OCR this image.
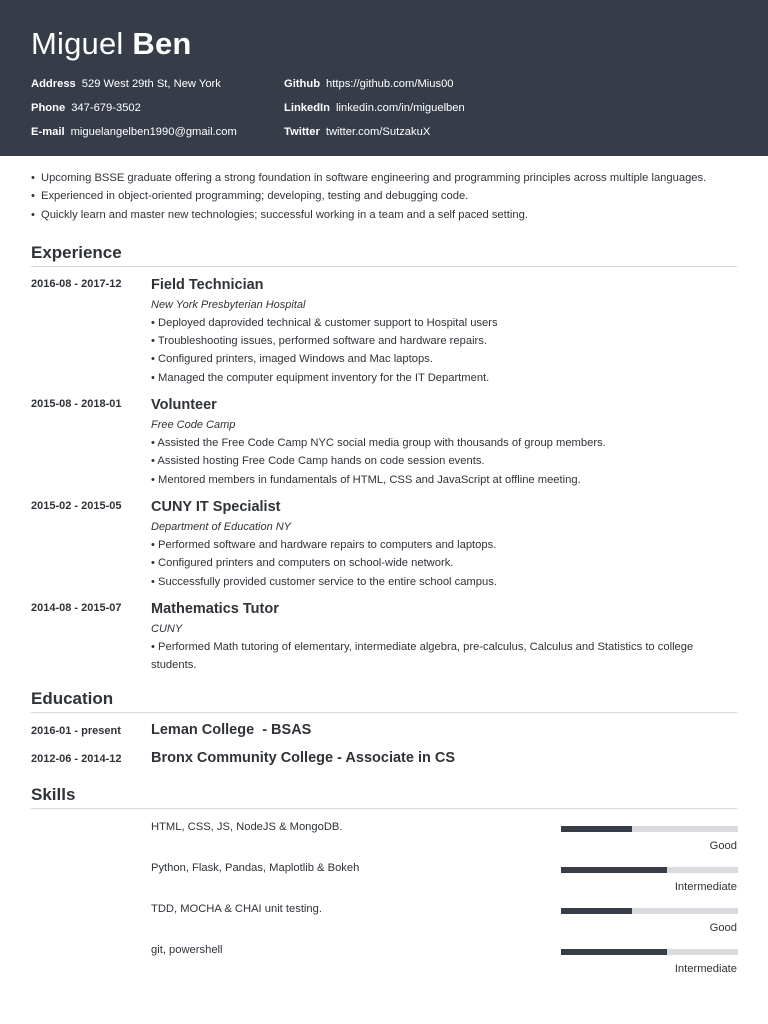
Miguel Ben
Address 529 West 29th St, New York	Github https://github.com/Mius00
Phone 347-679-3502	LinkedIn linkedin.com/in/miguelben
E-mail miguelangelben1990@gmail.com	Twitter twitter.com/SutzakuX
• Upcoming BSSE graduate offering a strong foundation in software engineering and programming principles across multiple languages.
• Experienced in object-oriented programming; developing, testing and debugging code.
• Quickly learn and master new technologies; successful working in a team and a self paced setting.
Experience
2016-08 - 2017-12	Field Technician
New York Presbyterian Hospital
• Deployed daprovided technical & customer support to Hospital users
• Troubleshooting issues, performed software and hardware repairs.
• Configured printers, imaged Windows and Mac laptops.
• Managed the computer equipment inventory for the IT Department.
2015-08 - 2018-01	Volunteer
Free Code Camp
• Assisted the Free Code Camp NYC social media group with thousands of group members.
• Assisted hosting Free Code Camp hands on code session events.
• Mentored members in fundamentals of HTML, CSS and JavaScript at offline meeting.
2015-02 - 2015-05	CUNY IT Specialist
Department of Education NY
• Performed software and hardware repairs to computers and laptops.
• Configured printers and computers on school-wide network.
• Successfully provided customer service to the entire school campus.
2014-08 - 2015-07	Mathematics Tutor
CUNY
• Performed Math tutoring of elementary, intermediate algebra, pre-calculus, Calculus and Statistics to college students.
Education
2016-01 - present	Leman College  - BSAS
2012-06 - 2014-12	Bronx Community College - Associate in CS
Skills
HTML, CSS, JS, NodeJS & MongoDB.
Good
Python, Flask, Pandas, Maplotlib & Bokeh
Intermediate
TDD, MOCHA & CHAI unit testing.
Good
git, powershell
Intermediate
